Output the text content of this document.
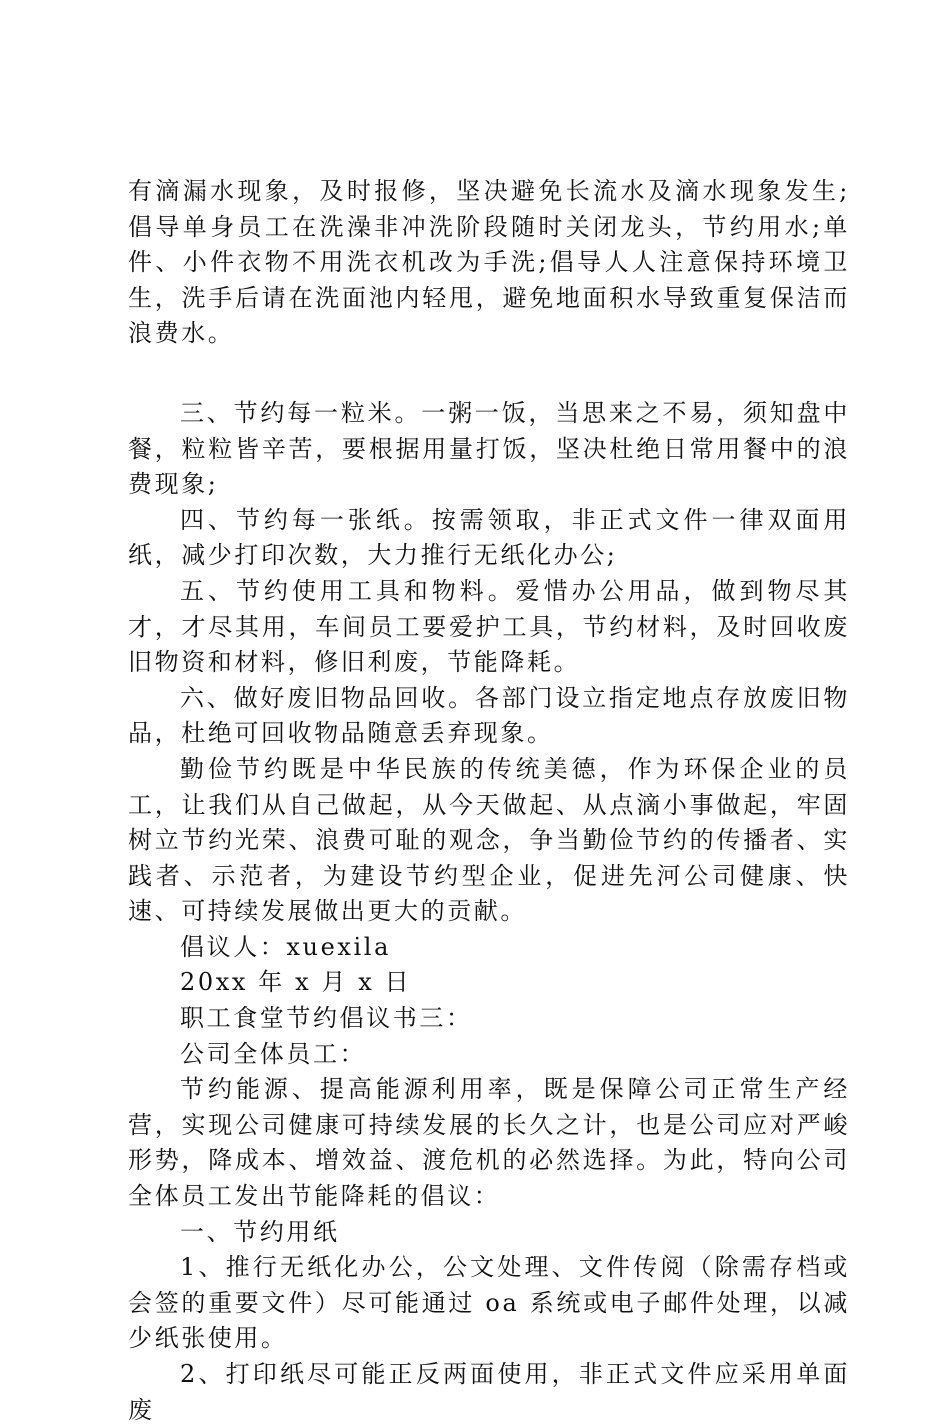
有滴漏水现象，及时报修，坚决避免长流水及滴水现象发生;倡导单身员工在洗澡非冲洗阶段随时关闭龙头，节约用水;单件、小件衣物不用洗衣机改为手洗;倡导人人注意保持环境卫生，洗手后请在洗面池内轻甩，避免地面积水导致重复保洁而浪费水。

三、节约每一粒米。一粥一饭，当思来之不易，须知盘中餐，粒粒皆辛苦，要根据用量打饭，坚决杜绝日常用餐中的浪费现象;

四、节约每一张纸。按需领取，非正式文件一律双面用纸，减少打印次数，大力推行无纸化办公;

五、节约使用工具和物料。爱惜办公用品，做到物尽其才，才尽其用，车间员工要爱护工具，节约材料，及时回收废旧物资和材料，修旧利废，节能降耗。

六、做好废旧物品回收。各部门设立指定地点存放废旧物品，杜绝可回收物品随意丢弃现象。

勤俭节约既是中华民族的传统美德，作为环保企业的员工，让我们从自己做起，从今天做起、从点滴小事做起，牢固树立节约光荣、浪费可耻的观念，争当勤俭节约的传播者、实践者、示范者，为建设节约型企业，促进先河公司健康、快速、可持续发展做出更大的贡献。

倡议人：xuexila

20xx 年 x 月 x 日

职工食堂节约倡议书三：

公司全体员工：

节约能源、提高能源利用率，既是保障公司正常生产经营，实现公司健康可持续发展的长久之计，也是公司应对严峻形势，降成本、增效益、渡危机的必然选择。为此，特向公司全体员工发出节能降耗的倡议：

一、节约用纸

1、推行无纸化办公，公文处理、文件传阅（除需存档或会签的重要文件）尽可能通过 oa 系统或电子邮件处理，以减少纸张使用。

2、打印纸尽可能正反两面使用，非正式文件应采用单面废
